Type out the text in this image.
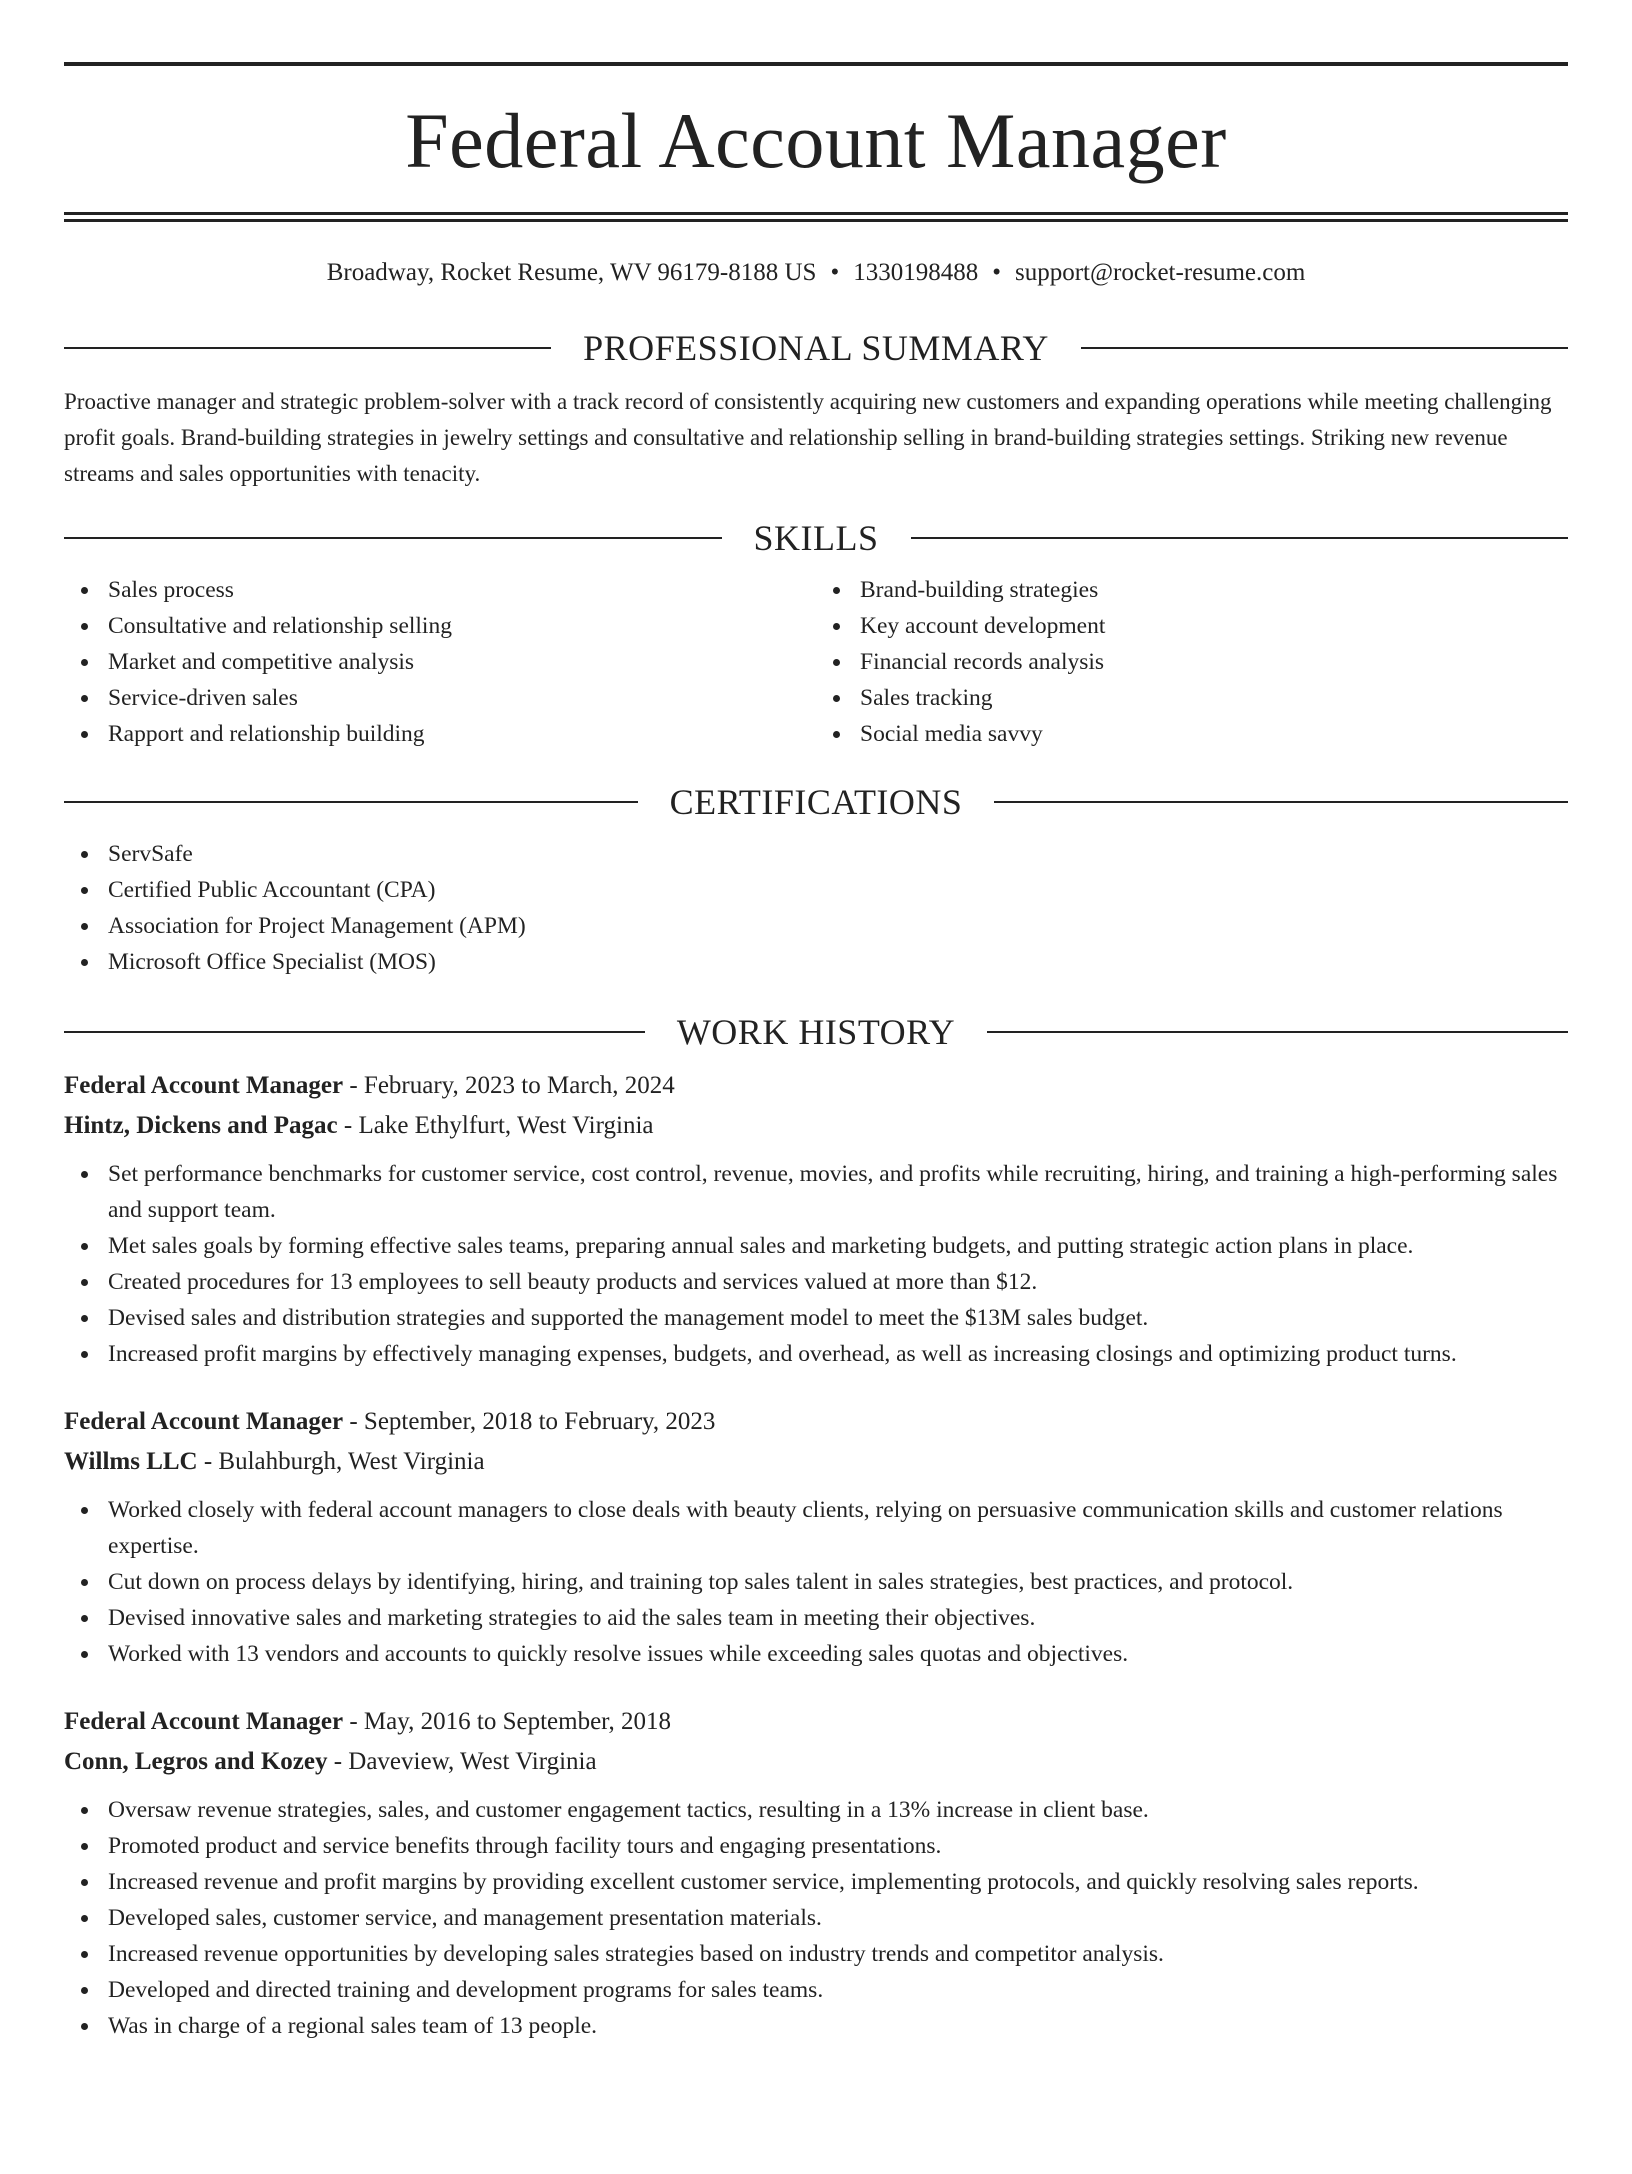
Federal Account Manager
Broadway, Rocket Resume, WV 96179-8188 US • 1330198488 • support@rocket-resume.com
PROFESSIONAL SUMMARY

Proactive manager and strategic problem-solver with a track record of consistently acquiring new customers and expanding operations while meeting challenging profit goals. Brand-building strategies in jewelry settings and consultative and relationship selling in brand-building strategies settings. Striking new revenue streams and sales opportunities with tenacity.

SKILLS
Sales process
Consultative and relationship selling
Market and competitive analysis
Service-driven sales
Rapport and relationship building
Brand-building strategies
Key account development
Financial records analysis
Sales tracking
Social media savvy
CERTIFICATIONS
ServSafe
Certified Public Accountant (CPA)
Association for Project Management (APM)
Microsoft Office Specialist (MOS)
WORK HISTORY
Federal Account Manager - February, 2023 to March, 2024
Hintz, Dickens and Pagac - Lake Ethylfurt, West Virginia
Set performance benchmarks for customer service, cost control, revenue, movies, and profits while recruiting, hiring, and training a high-performing sales and support team.
Met sales goals by forming effective sales teams, preparing annual sales and marketing budgets, and putting strategic action plans in place.
Created procedures for 13 employees to sell beauty products and services valued at more than $12.
Devised sales and distribution strategies and supported the management model to meet the $13M sales budget.
Increased profit margins by effectively managing expenses, budgets, and overhead, as well as increasing closings and optimizing product turns.
Federal Account Manager - September, 2018 to February, 2023
Willms LLC - Bulahburgh, West Virginia
Worked closely with federal account managers to close deals with beauty clients, relying on persuasive communication skills and customer relations expertise.
Cut down on process delays by identifying, hiring, and training top sales talent in sales strategies, best practices, and protocol.
Devised innovative sales and marketing strategies to aid the sales team in meeting their objectives.
Worked with 13 vendors and accounts to quickly resolve issues while exceeding sales quotas and objectives.
Federal Account Manager - May, 2016 to September, 2018
Conn, Legros and Kozey - Daveview, West Virginia
Oversaw revenue strategies, sales, and customer engagement tactics, resulting in a 13% increase in client base.
Promoted product and service benefits through facility tours and engaging presentations.
Increased revenue and profit margins by providing excellent customer service, implementing protocols, and quickly resolving sales reports.
Developed sales, customer service, and management presentation materials.
Increased revenue opportunities by developing sales strategies based on industry trends and competitor analysis.
Developed and directed training and development programs for sales teams.
Was in charge of a regional sales team of 13 people.
